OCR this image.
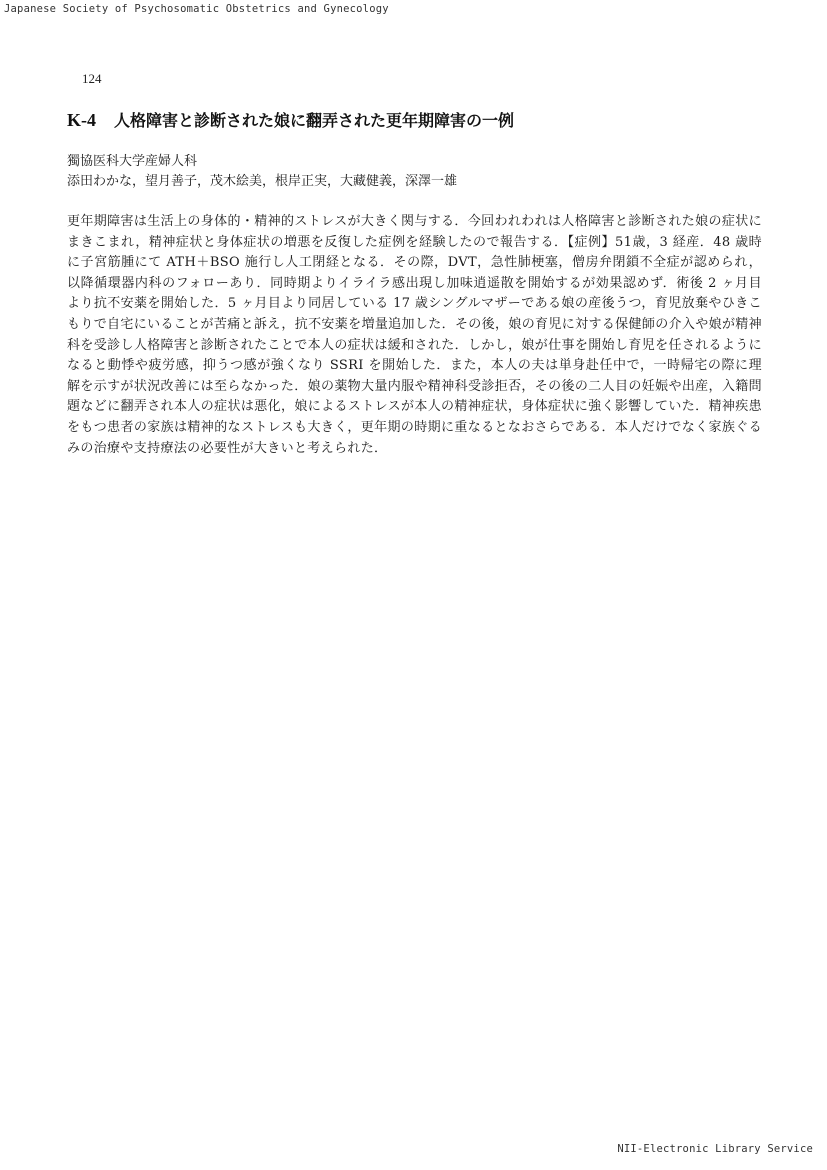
Japanese Society of Psychosomatic Obstetrics and Gynecology
124
K-4 人格障害と診断された娘に翻弄された更年期障害の一例
獨協医科大学産婦人科
添田わかな，望月善子，茂木絵美，根岸正実，大藏健義，深澤一雄

更年期障害は生活上の身体的・精神的ストレスが大きく関与する．今回われわれは人格障害と診断された娘の症状にまきこまれ，精神症状と身体症状の増悪を反復した症例を経験したので報告する．【症例】51歳，3 経産．48 歳時に子宮筋腫にて ATH＋BSO 施行し人工閉経となる．その際，DVT，急性肺梗塞，僧房弁閉鎖不全症が認められ，以降循環器内科のフォローあり．同時期よりイライラ感出現し加味逍遥散を開始するが効果認めず．術後 2 ヶ月目より抗不安薬を開始した．5 ヶ月目より同居している 17 歳シングルマザーである娘の産後うつ，育児放棄やひきこもりで自宅にいることが苦痛と訴え，抗不安薬を増量追加した．その後，娘の育児に対する保健師の介入や娘が精神科を受診し人格障害と診断されたことで本人の症状は緩和された．しかし，娘が仕事を開始し育児を任されるようになると動悸や疲労感，抑うつ感が強くなり SSRI を開始した．また，本人の夫は単身赴任中で，一時帰宅の際に理解を示すが状況改善には至らなかった．娘の薬物大量内服や精神科受診拒否，その後の二人目の妊娠や出産，入籍問題などに翻弄され本人の症状は悪化，娘によるストレスが本人の精神症状，身体症状に強く影響していた．精神疾患をもつ患者の家族は精神的なストレスも大きく，更年期の時期に重なるとなおさらである．本人だけでなく家族ぐるみの治療や支持療法の必要性が大きいと考えられた．

NII-Electronic Library Service
